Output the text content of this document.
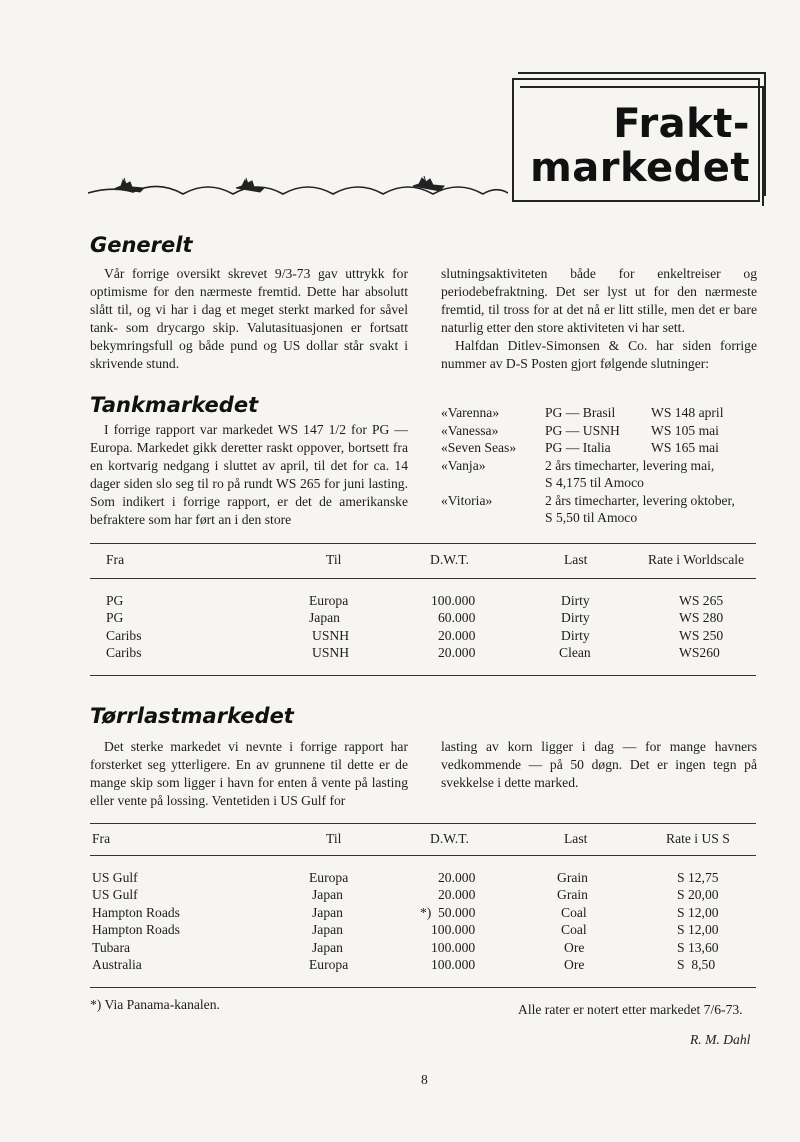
Frakt-
markedet
Generelt

Vår forrige oversikt skrevet 9/3-73 gav uttrykk for optimisme for den nærmeste fremtid. Dette har absolutt slått til, og vi har i dag et meget sterkt marked for såvel tank- som drycargo skip. Valutasituasjonen er fortsatt bekymringsfull og både pund og US dollar står svakt i skrivende stund.

Tankmarkedet

I forrige rapport var markedet WS 147 1/2 for PG — Europa. Markedet gikk deretter raskt oppover, bortsett fra en kortvarig nedgang i sluttet av april, til det for ca. 14 dager siden slo seg til ro på rundt WS 265 for juni lasting. Som indikert i forrige rapport, er det de amerikanske befraktere som har ført an i den store

slutningsaktiviteten både for enkeltreiser og periodebefraktning. Det ser lyst ut for den nærmeste fremtid, til tross for at det nå er litt stille, men det er bare naturlig etter den store aktiviteten vi har sett.

Halfdan Ditlev-Simonsen & Co. har siden forrige nummer av D-S Posten gjort følgende slutninger:

«Varenna»	PG — Brasil	WS 148 april
«Vanessa»	PG — USNH WS 105 mai
«Seven Seas» PG — Italia	WS 165 mai
«Vanja»	2 års timecharter, levering mai,
S 4,175 til Amoco
«Vitoria»	2 års timecharter, levering oktober,
S 5,50 til Amoco
Fra	Til	D.W.T.	Last	Rate i Worldscale
PG	Europa	100.000	Dirty	WS 265
PG	Japan	60.000	Dirty	WS 280
Caribs	USNH	20.000	Dirty	WS 250
Caribs	USNH	20.000	Clean	WS260
Tørrlastmarkedet

Det sterke markedet vi nevnte i forrige rapport har forsterket seg ytterligere. En av grunnene til dette er de mange skip som ligger i havn for enten å vente på lasting eller vente på lossing. Ventetiden i US Gulf for

lasting av korn ligger i dag — for mange havners vedkommende — på 50 døgn. Det er ingen tegn på svekkelse i dette marked.

Fra	Til	D.W.T.	Last	Rate i US S
US Gulf	Europa	20.000	Grain	S 12,75
US Gulf	Japan	20.000	Grain	S 20,00
Hampton Roads	Japan	*) 50.000	Coal	S 12,00
Hampton Roads	Japan	100.000	Coal	S 12,00
Tubara	Japan	100.000	Ore	S 13,60
Australia	Europa	100.000	Ore	S  8,50
*) Via Panama-kanalen.	Alle rater er notert etter markedet 7/6-73.
R. M. Dahl
8
